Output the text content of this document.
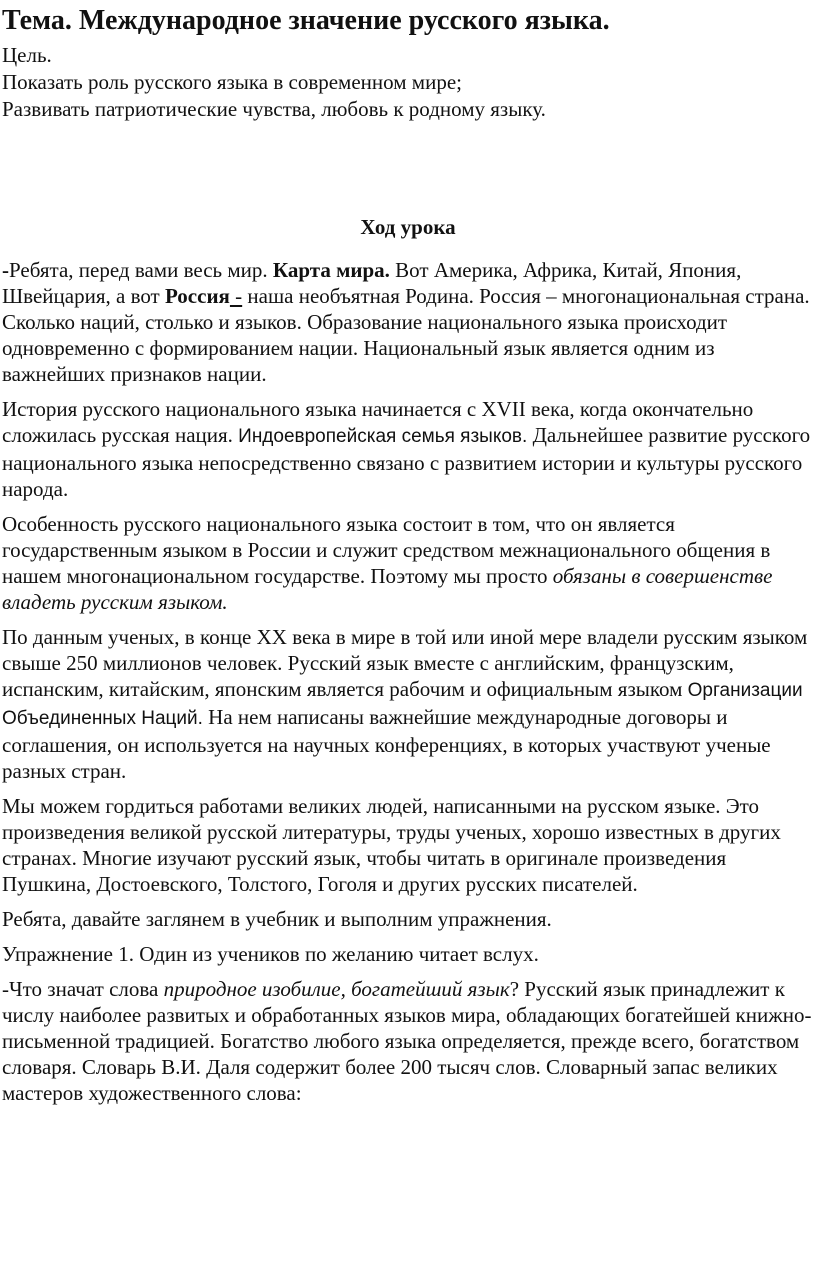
Тема. Международное значение русского языка.
Цель.
Показать роль русского языка в современном мире;
Развивать патриотические чувства, любовь к родному языку.
Ход урока

-Ребята, перед вами весь мир. Карта мира. Вот Америка, Африка, Китай, Япония, Швейцария, а вот Россия - наша необъятная Родина. Россия – многонациональная страна. Сколько наций, столько и языков. Образование национального языка происходит одновременно с формированием нации. Национальный язык является одним из важнейших признаков нации.

История русского национального языка начинается с XVII века, когда окончательно сложилась русская нация. Индоевропейская семья языков. Дальнейшее развитие русского национального языка непосредственно связано с развитием истории и культуры русского народа.

Особенность русского национального языка состоит в том, что он является государственным языком в России и служит средством межнационального общения в нашем многонациональном государстве. Поэтому мы просто обязаны в совершенстве владеть русским языком.

По данным ученых, в конце XX века в мире в той или иной мере владели русским языком свыше 250 миллионов человек. Русский язык вместе с английским, французским, испанским, китайским, японским является рабочим и официальным языком Организации Объединенных Наций. На нем написаны важнейшие международные договоры и соглашения, он используется на научных конференциях, в которых участвуют ученые разных стран.

Мы можем гордиться работами великих людей, написанными на русском языке. Это произведения великой русской литературы, труды ученых, хорошо известных в других странах. Многие изучают русский язык, чтобы читать в оригинале произведения Пушкина, Достоевского, Толстого, Гоголя и других русских писателей.

Ребята, давайте заглянем в учебник и выполним упражнения.

Упражнение 1. Один из учеников по желанию читает вслух.

-Что значат слова природное изобилие, богатейший язык? Русский язык принадлежит к числу наиболее развитых и обработанных языков мира, обладающих богатейшей книжно-письменной традицией. Богатство любого языка определяется, прежде всего, богатством словаря. Словарь В.И. Даля содержит более 200 тысяч слов. Словарный запас великих мастеров художественного слова:
